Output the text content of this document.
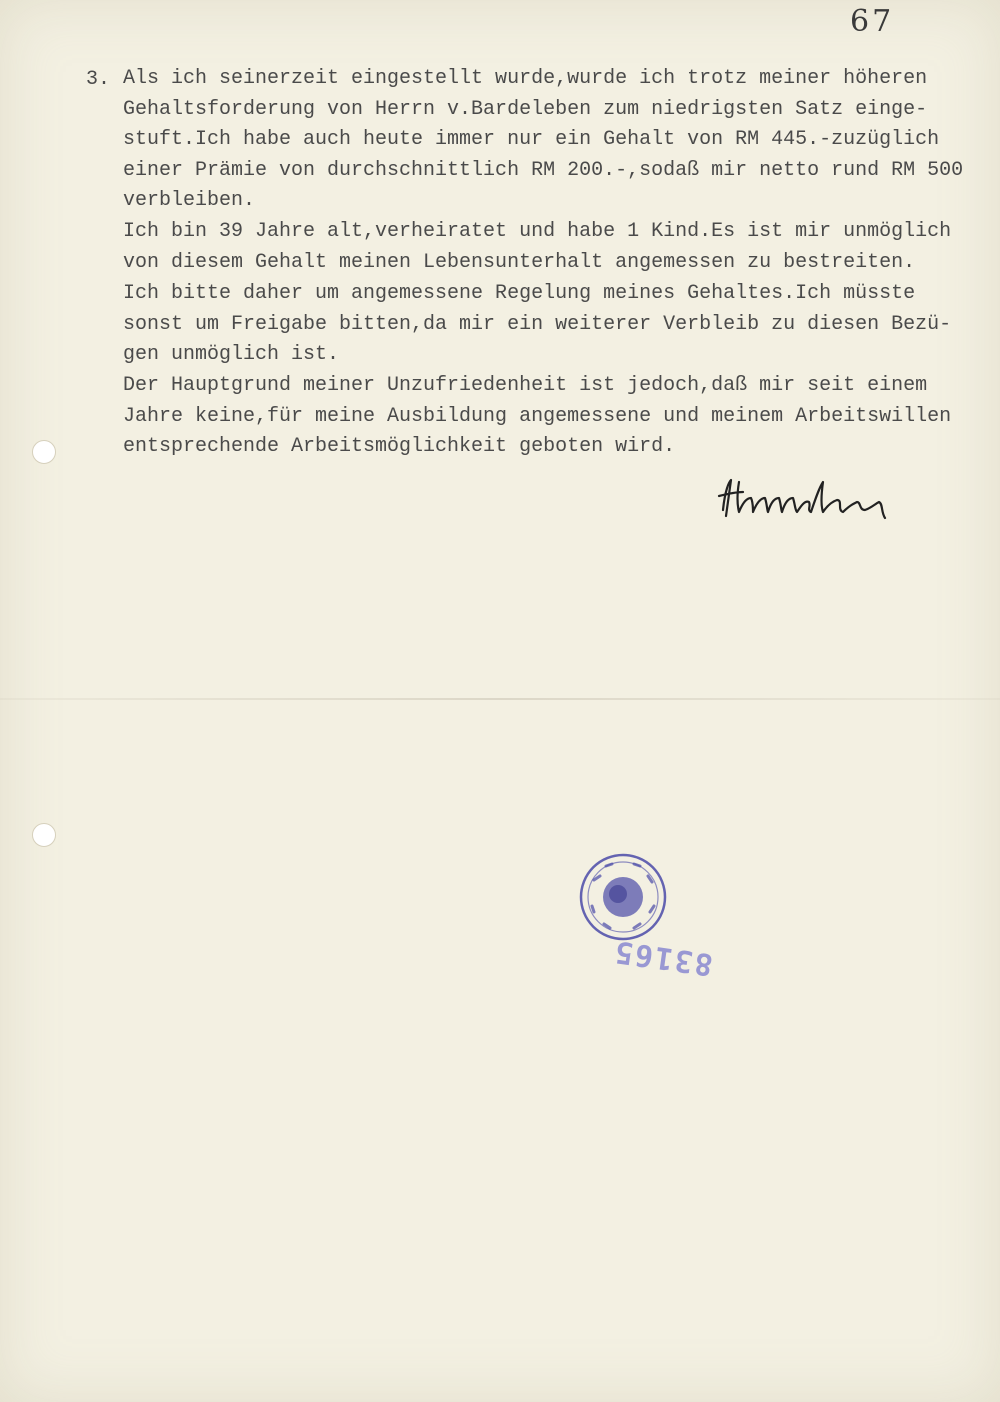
67
3. Als ich seinerzeit eingestellt wurde,wurde ich trotz meiner höheren
Gehaltsforderung von Herrn v.Bardeleben zum niedrigsten Satz einge-
stuft.Ich habe auch heute immer nur ein Gehalt von RM 445.-zuzüglich
einer Prämie von durchschnittlich RM 200.-,sodaß mir netto rund RM 500
verbleiben.
Ich bin 39 Jahre alt,verheiratet und habe 1 Kind.Es ist mir unmöglich
von diesem Gehalt meinen Lebensunterhalt angemessen zu bestreiten.
Ich bitte daher um angemessene Regelung meines Gehaltes.Ich müsste
sonst um Freigabe bitten,da mir ein weiterer Verbleib zu diesen Bezü-
gen unmöglich ist.
Der Hauptgrund meiner Unzufriedenheit ist jedoch,daß mir seit einem
Jahre keine,für meine Ausbildung angemessene und meinem Arbeitswillen
entsprechende Arbeitsmöglichkeit geboten wird.
83165
